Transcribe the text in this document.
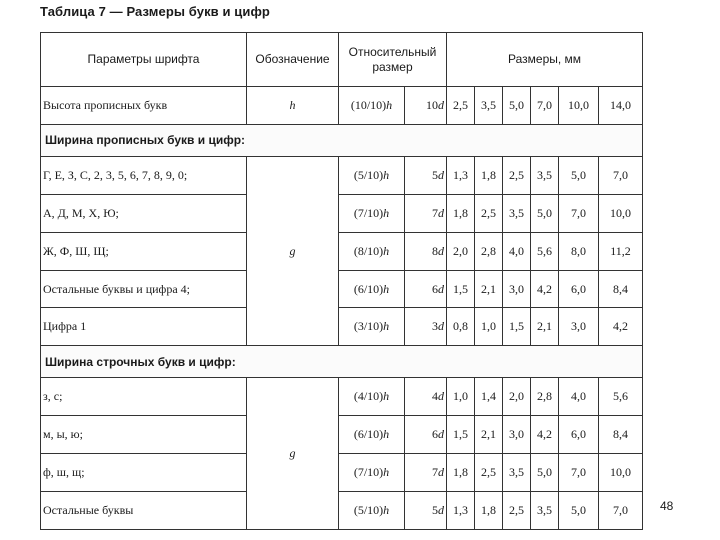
Таблица 7 — Размеры букв и цифр
Параметры шрифта	Обозначение	Относительный размер		Размеры, мм					
Высота прописных букв	h	(10/10)h	10d	2,5	3,5	5,0	7,0	10,0	14,0
Ширина прописных букв и цифр:									
Г, Е, З, С, 2, 3, 5, 6, 7, 8, 9, 0;	g	(5/10)h	5d	1,3	1,8	2,5	3,5	5,0	7,0
А, Д, М, Х, Ю;		(7/10)h	7d	1,8	2,5	3,5	5,0	7,0	10,0
Ж, Ф, Ш, Щ;		(8/10)h	8d	2,0	2,8	4,0	5,6	8,0	11,2
Остальные буквы и цифра 4;		(6/10)h	6d	1,5	2,1	3,0	4,2	6,0	8,4
Цифра 1		(3/10)h	3d	0,8	1,0	1,5	2,1	3,0	4,2
Ширина строчных букв и цифр:									
з, с;	g	(4/10)h	4d	1,0	1,4	2,0	2,8	4,0	5,6
м, ы, ю;		(6/10)h	6d	1,5	2,1	3,0	4,2	6,0	8,4
ф, ш, щ;		(7/10)h	7d	1,8	2,5	3,5	5,0	7,0	10,0
Остальные буквы		(5/10)h	5d	1,3	1,8	2,5	3,5	5,0	7,0	48
